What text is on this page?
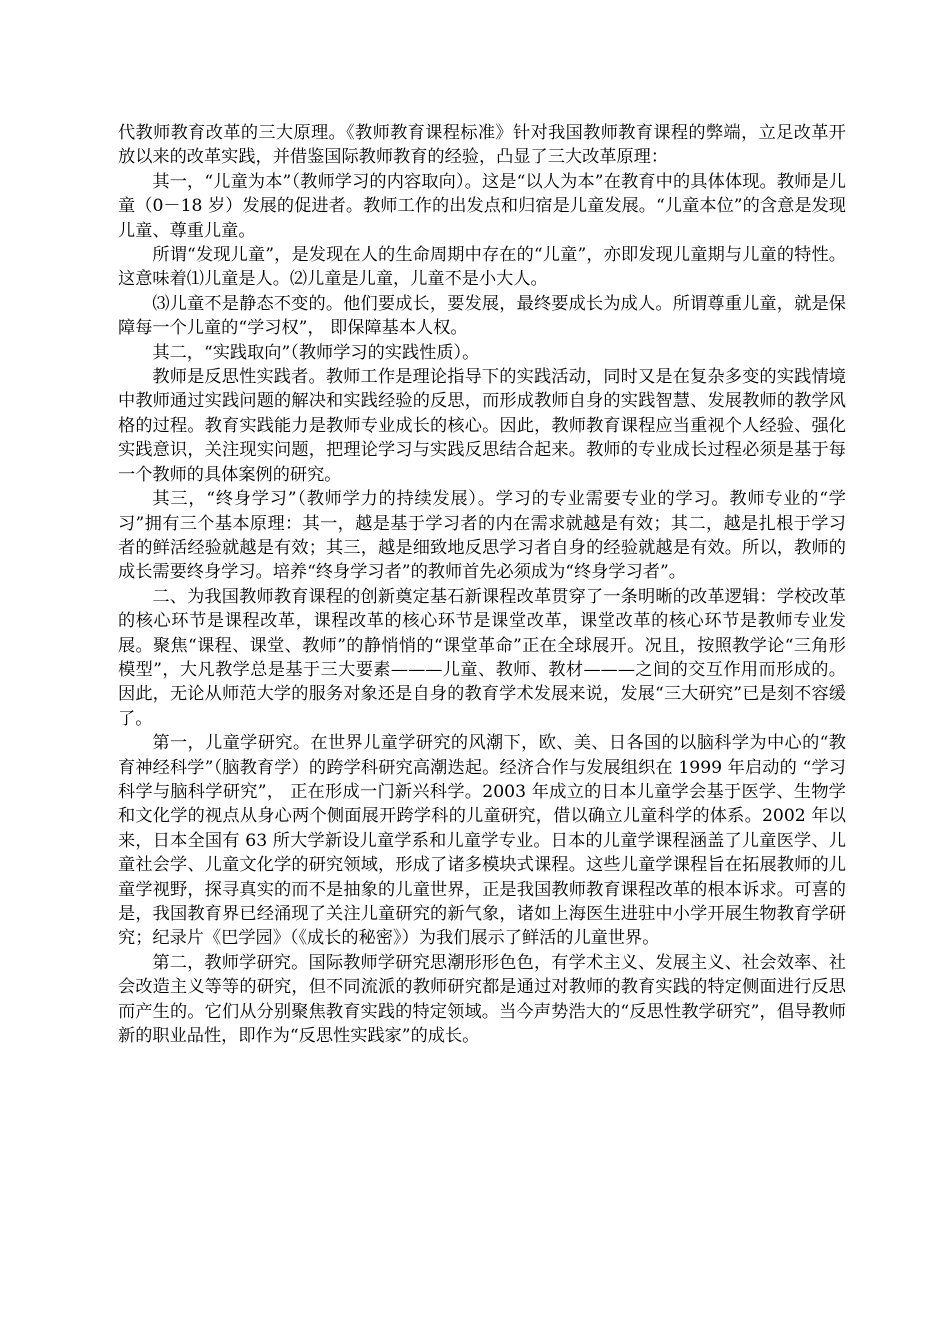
代教师教育改革的三大原理。《教师教育课程标准》针对我国教师教育课程的弊端，立足改革开放以来的改革实践，并借鉴国际教师教育的经验，凸显了三大改革原理：

其一，“儿童为本”（教师学习的内容取向）。这是“以人为本”在教育中的具体体现。教师是儿童（0－18 岁）发展的促进者。教师工作的出发点和归宿是儿童发展。“儿童本位”的含意是发现儿童、尊重儿童。

所谓“发现儿童”，是发现在人的生命周期中存在的“儿童”，亦即发现儿童期与儿童的特性。这意味着⑴儿童是人。⑵儿童是儿童，儿童不是小大人。

⑶儿童不是静态不变的。他们要成长，要发展，最终要成长为成人。所谓尊重儿童，就是保障每一个儿童的“学习权”， 即保障基本人权。

其二，“实践取向”（教师学习的实践性质）。

教师是反思性实践者。教师工作是理论指导下的实践活动，同时又是在复杂多变的实践情境中教师通过实践问题的解决和实践经验的反思，而形成教师自身的实践智慧、发展教师的教学风格的过程。教育实践能力是教师专业成长的核心。因此，教师教育课程应当重视个人经验、强化实践意识，关注现实问题，把理论学习与实践反思结合起来。教师的专业成长过程必须是基于每一个教师的具体案例的研究。

其三，“终身学习”（教师学力的持续发展）。学习的专业需要专业的学习。教师专业的“学习”拥有三个基本原理：其一，越是基于学习者的内在需求就越是有效；其二，越是扎根于学习者的鲜活经验就越是有效；其三，越是细致地反思学习者自身的经验就越是有效。所以，教师的成长需要终身学习。培养“终身学习者”的教师首先必须成为“终身学习者”。

二、为我国教师教育课程的创新奠定基石新课程改革贯穿了一条明晰的改革逻辑：学校改革的核心环节是课程改革，课程改革的核心环节是课堂改革，课堂改革的核心环节是教师专业发展。聚焦“课程、课堂、教师”的静悄悄的“课堂革命”正在全球展开。况且，按照教学论“三角形模型”，大凡教学总是基于三大要素———儿童、教师、教材———之间的交互作用而形成的。因此，无论从师范大学的服务对象还是自身的教育学术发展来说，发展“三大研究”已是刻不容缓了。

第一，儿童学研究。在世界儿童学研究的风潮下，欧、美、日各国的以脑科学为中心的“教育神经科学”（脑教育学）的跨学科研究高潮迭起。经济合作与发展组织在 1999 年启动的 “学习科学与脑科学研究”， 正在形成一门新兴科学。2003 年成立的日本儿童学会基于医学、生物学和文化学的视点从身心两个侧面展开跨学科的儿童研究，借以确立儿童科学的体系。2002 年以来，日本全国有 63 所大学新设儿童学系和儿童学专业。日本的儿童学课程涵盖了儿童医学、儿童社会学、儿童文化学的研究领域，形成了诸多模块式课程。这些儿童学课程旨在拓展教师的儿童学视野，探寻真实的而不是抽象的儿童世界，正是我国教师教育课程改革的根本诉求。可喜的是，我国教育界已经涌现了关注儿童研究的新气象，诸如上海医生进驻中小学开展生物教育学研究；纪录片《巴学园》（《成长的秘密》）为我们展示了鲜活的儿童世界。

第二，教师学研究。国际教师学研究思潮形形色色，有学术主义、发展主义、社会效率、社会改造主义等等的研究，但不同流派的教师研究都是通过对教师的教育实践的特定侧面进行反思而产生的。它们从分别聚焦教育实践的特定领域。当今声势浩大的“反思性教学研究”，倡导教师新的职业品性，即作为“反思性实践家”的成长。
